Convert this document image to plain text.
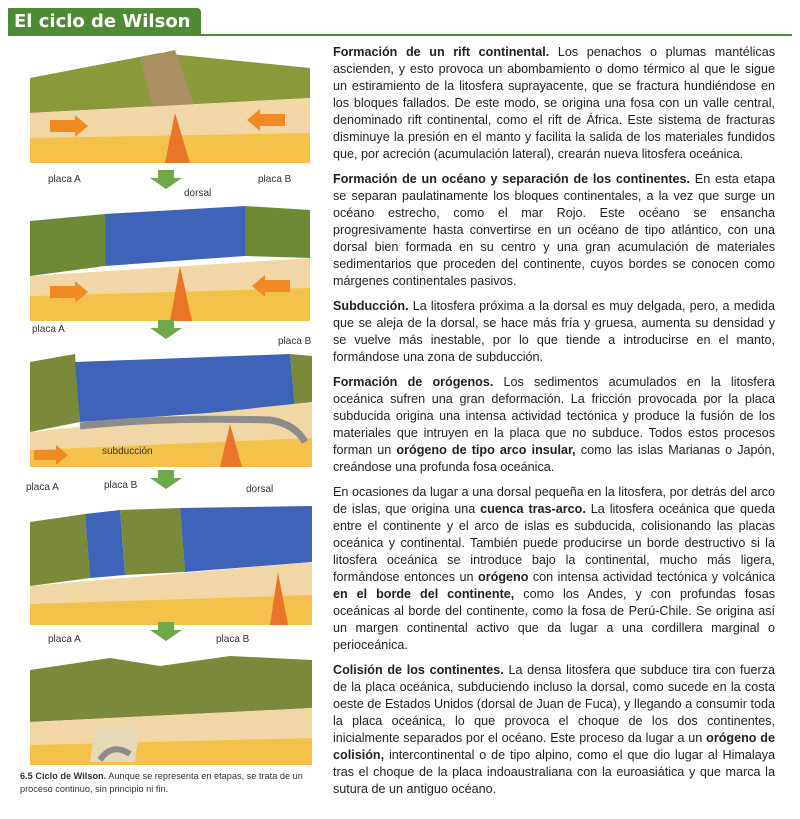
El ciclo de Wilson
placa A
dorsal
placa B
placa A
placa B
subducción
placa A	placa B	dorsal
placa A	placa B
6.5 Ciclo de Wilson. Aunque se representa en etapas, se trata de un proceso continuo, sin principio ni fin.

Formación de un rift continental. Los penachos o plumas mantélicas ascienden, y esto provoca un abombamiento o domo térmico al que le sigue un estiramiento de la litosfera suprayacente, que se fractura hundiéndose en los bloques fallados. De este modo, se origina una fosa con un valle central, denominado rift continental, como el rift de África. Este sistema de fracturas disminuye la presión en el manto y facilita la salida de los materiales fundidos que, por acreción (acumulación lateral), crearán nueva litosfera oceánica.

Formación de un océano y separación de los continentes. En esta etapa se separan paulatinamente los bloques continentales, a la vez que surge un océano estrecho, como el mar Rojo. Este océano se ensancha progresivamente hasta convertirse en un océano de tipo atlántico, con una dorsal bien formada en su centro y una gran acumulación de materiales sedimentarios que proceden del continente, cuyos bordes se conocen como márgenes continentales pasivos.

Subducción. La litosfera próxima a la dorsal es muy delgada, pero, a medida que se aleja de la dorsal, se hace más fría y gruesa, aumenta su densidad y se vuelve más inestable, por lo que tiende a introducirse en el manto, formándose una zona de subducción.

Formación de orógenos. Los sedimentos acumulados en la litosfera oceánica sufren una gran deformación. La fricción provocada por la placa subducida origina una intensa actividad tectónica y produce la fusión de los materiales que intruyen en la placa que no subduce. Todos estos procesos forman un orógeno de tipo arco insular, como las islas Marianas o Japón, creándose una profunda fosa oceánica.

En ocasiones da lugar a una dorsal pequeña en la litosfera, por detrás del arco de islas, que origina una cuenca tras-arco. La litosfera oceánica que queda entre el continente y el arco de islas es subducida, colisionando las placas oceánica y continental. También puede producirse un borde destructivo si la litosfera oceánica se introduce bajo la continental, mucho más ligera, formándose entonces un orógeno con intensa actividad tectónica y volcánica en el borde del continente, como los Andes, y con profundas fosas oceánicas al borde del continente, como la fosa de Perú-Chile. Se origina así un margen continental activo que da lugar a una cordillera marginal o perioceánica.

Colisión de los continentes. La densa litosfera que subduce tira con fuerza de la placa oceánica, subduciendo incluso la dorsal, como sucede en la costa oeste de Estados Unidos (dorsal de Juan de Fuca), y llegando a consumir toda la placa oceánica, lo que provoca el choque de los dos continentes, inicialmente separados por el océano. Este proceso da lugar a un orógeno de colisión, intercontinental o de tipo alpino, como el que dio lugar al Himalaya tras el choque de la placa indoaustraliana con la euroasiática y que marca la sutura de un antiguo océano.
